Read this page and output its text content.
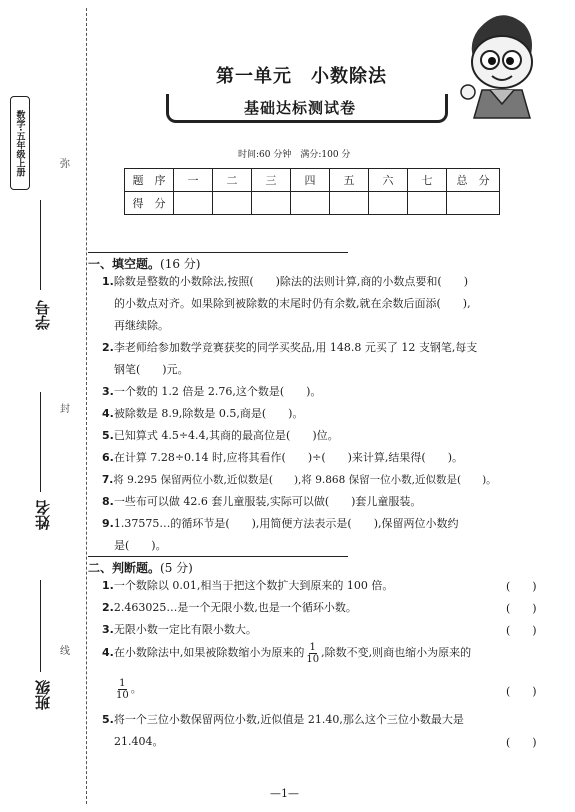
数学·五年级上册
学号
姓名
班级
弥
封
线
第一单元　小数除法
基础达标测试卷
时间:60 分钟　满分:100 分
题　序	一	二	三	四	五	六	七	总　分
得　分								
一、填空题。(16 分)
1.除数是整数的小数除法,按照(　　)除法的法则计算,商的小数点要和(　　)
的小数点对齐。如果除到被除数的末尾时仍有余数,就在余数后面添(　　),
再继续除。
2.李老师给参加数学竞赛获奖的同学买奖品,用 148.8 元买了 12 支钢笔,每支
钢笔(　　)元。
3.一个数的 1.2 倍是 2.76,这个数是(　　)。
4.被除数是 8.9,除数是 0.5,商是(　　)。
5.已知算式 4.5÷4.4,其商的最高位是(　　)位。
6.在计算 7.28÷0.14 时,应将其看作(　　)÷(　　)来计算,结果得(　　)。
7.将 9.295 保留两位小数,近似数是(　　),将 9.868 保留一位小数,近似数是(　　)。
8.一些布可以做 42.6 套儿童服装,实际可以做(　　)套儿童服装。
9.1.37575…的循环节是(　　),用简便方法表示是(　　),保留两位小数约
是(　　)。
二、判断题。(5 分)
1.一个数除以 0.01,相当于把这个数扩大到原来的 100 倍。	(　　)
2.2.463025…是一个无限小数,也是一个循环小数。	(　　)
3.无限小数一定比有限小数大。	(　　)
4.在小数除法中,如果被除数缩小为原来的 $\frac{1}{10}$ ,除数不变,则商也缩小为原来的
$\frac{1}{10}$ 。	(　　)
5.将一个三位小数保留两位小数,近似值是 21.40,那么这个三位小数最大是
21.404。	(　　)
—1—
